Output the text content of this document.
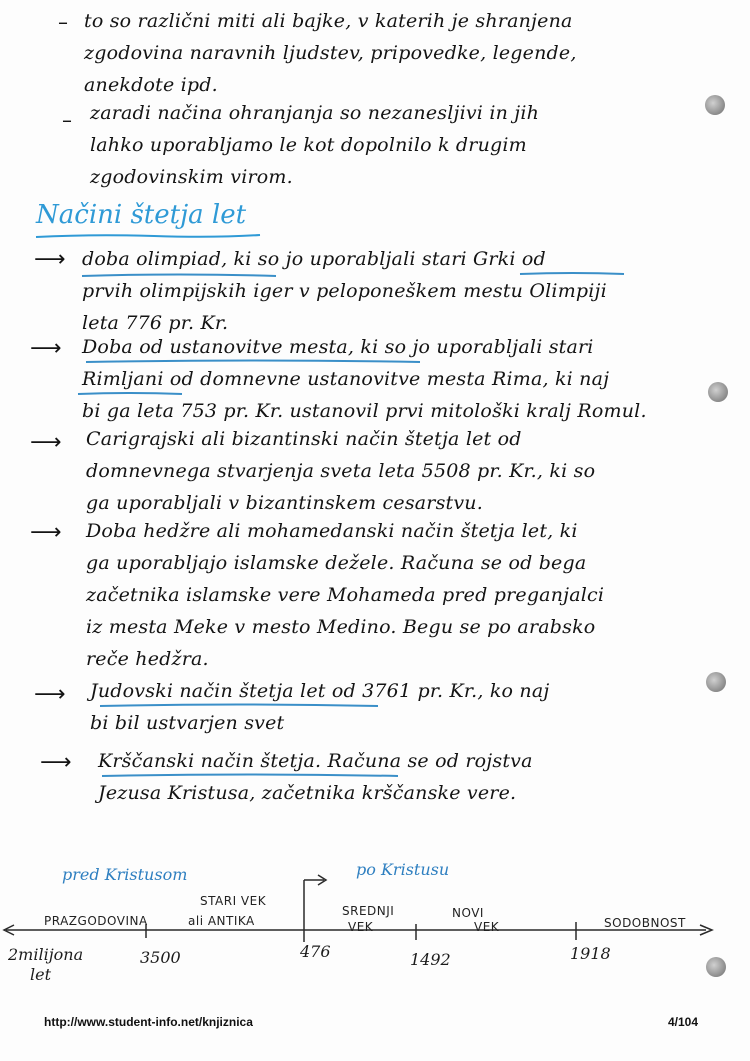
– to so različni miti ali bajke, v katerih je shranjena
zgodovina naravnih ljudstev, pripovedke, legende,
anekdote ipd.
– zaradi načina ohranjanja so nezanesljivi in jih
lahko uporabljamo le kot dopolnilo k drugim
zgodovinskim virom.
Načini štetja let
⟶ doba olimpiad, ki so jo uporabljali stari Grki od
prvih olimpijskih iger v peloponeškem mestu Olimpiji
leta 776 pr. Kr.
⟶ Doba od ustanovitve mesta, ki so jo uporabljali stari
Rimljani od domnevne ustanovitve mesta Rima, ki naj
bi ga leta 753 pr. Kr. ustanovil prvi mitološki kralj Romul.
⟶ Carigrajski ali bizantinski način štetja let od
domnevnega stvarjenja sveta leta 5508 pr. Kr., ki so
ga uporabljali v bizantinskem cesarstvu.
⟶ Doba hedžre ali mohamedanski način štetja let, ki
ga uporabljajo islamske dežele. Računa se od bega
začetnika islamske vere Mohameda pred preganjalci
iz mesta Meke v mesto Medino. Begu se po arabsko
reče hedžra.
⟶ Judovski način štetja let od 3761 pr. Kr., ko naj
bi bil ustvarjen svet
⟶ Krščanski način štetja. Računa se od rojstva
Jezusa Kristusa, začetnika krščanske vere.
pred Kristusom	po Kristusu
PRAZGODOVINA
STARI VEK
ali ANTIKA
SREDNJI
VEK
NOVI
VEK	SODOBNOST
2milijona
let
3500	476	1492	1918
http://www.student-info.net/knjiznica	4/104
